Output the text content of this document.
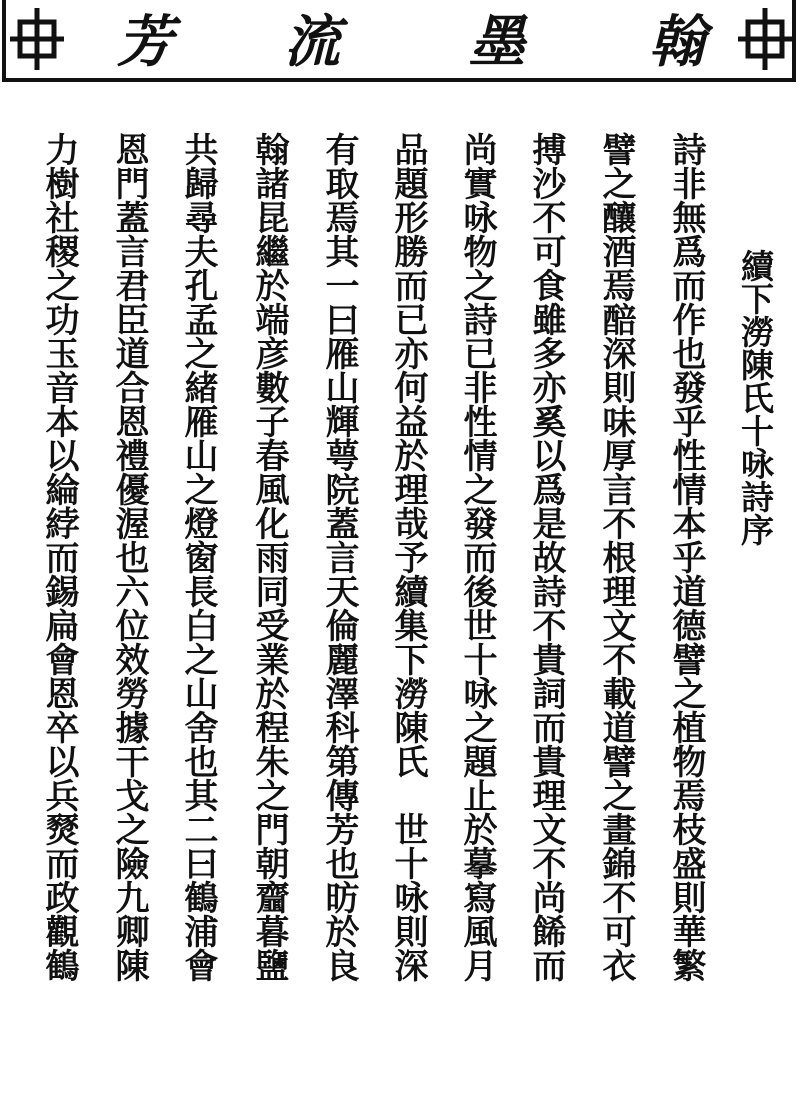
芳	流	墨	翰
續下澇陳氏十咏詩序
詩非無爲而作也發乎性情本乎道德譬之植物焉枝盛則華繁
譬之釀酒焉醅深則味厚言不根理文不載道譬之畫錦不可衣
搏沙不可食雖多亦奚以爲是故詩不貴詞而貴理文不尚餙而
尚實咏物之詩已非性情之發而後世十咏之題止於摹寫風月
品題形勝而已亦何益於理哉予續集下澇陳氏　世十咏則深
有取焉其一曰雁山輝萼院蓋言天倫麗澤科第傳芳也昉於良
翰諸昆繼於端彦數子春風化雨同受業於程朱之門朝齏暮鹽
共歸尋夫孔孟之緒雁山之燈窗長白之山舍也其二曰鶴浦會
恩門蓋言君臣道合恩禮優渥也六位效勞據干戈之險九卿陳
力樹社稷之功玉音本以綸綍而錫扁會恩卒以兵燹而政觀鶴
